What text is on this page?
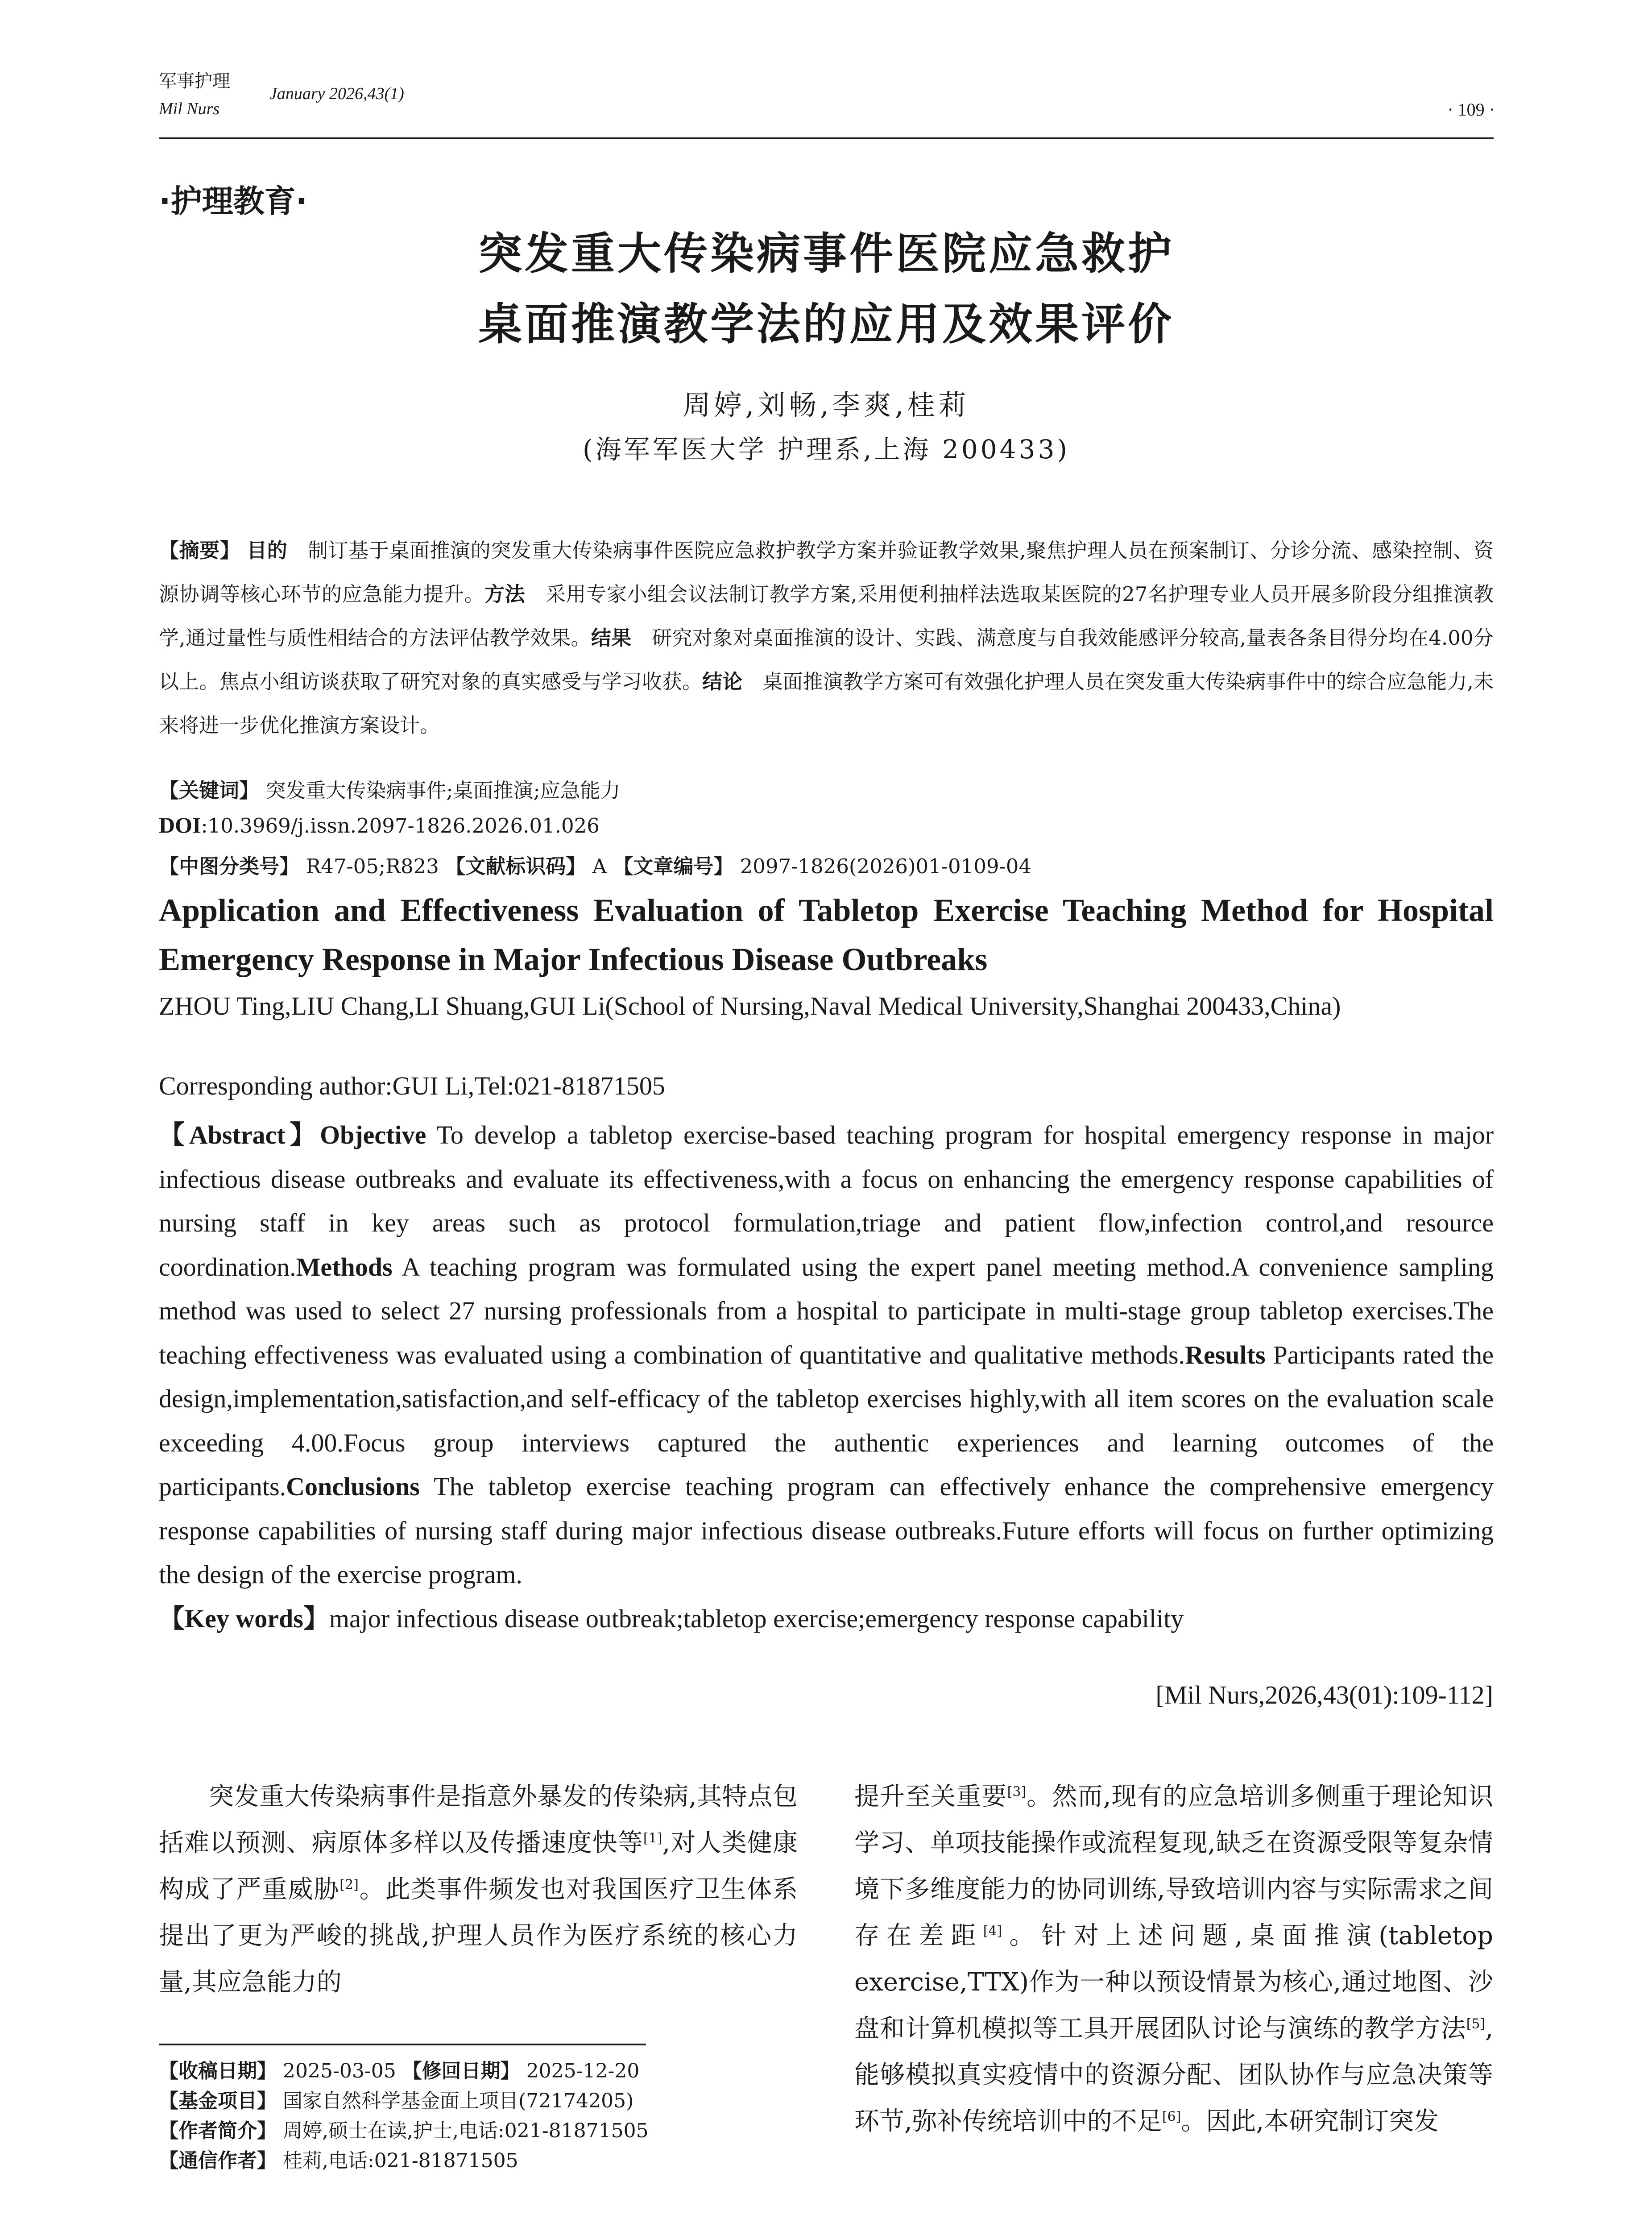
军事护理
Mil Nurs
January 2026,43(1)
· 109 ·
·护理教育·
突发重大传染病事件医院应急救护
桌面推演教学法的应用及效果评价
周婷,刘畅,李爽,桂莉
(海军军医大学 护理系,上海 200433)

【摘要】 目的　 制订基于桌面推演的突发重大传染病事件医院应急救护教学方案并验证教学效果,聚焦护理人员在预案制订、分诊分流、感染控制、资源协调等核心环节的应急能力提升。方法　 采用专家小组会议法制订教学方案,采用便利抽样法选取某医院的27名护理专业人员开展多阶段分组推演教学,通过量性与质性相结合的方法评估教学效果。结果　 研究对象对桌面推演的设计、实践、满意度与自我效能感评分较高,量表各条目得分均在4.00分以上。焦点小组访谈获取了研究对象的真实感受与学习收获。结论　 桌面推演教学方案可有效强化护理人员在突发重大传染病事件中的综合应急能力,未来将进一步优化推演方案设计。

【关键词】 突发重大传染病事件;桌面推演;应急能力
DOI:10.3969/j.issn.2097-1826.2026.01.026
【中图分类号】 R47-05;R823 【文献标识码】 A 【文章编号】 2097-1826(2026)01-0109-04
Application and Effectiveness Evaluation of Tabletop Exercise Teaching Method for Hospital Emergency Response in Major Infectious Disease Outbreaks
ZHOU Ting,LIU Chang,LI Shuang,GUI Li(School of Nursing,Naval Medical University,Shanghai 200433,China)
Corresponding author:GUI Li,Tel:021-81871505

【Abstract】Objective To develop a tabletop exercise-based teaching program for hospital emergency response in major infectious disease outbreaks and evaluate its effectiveness,with a focus on enhancing the emergency response capabilities of nursing staff in key areas such as protocol formulation,triage and patient flow,infection control,and resource coordination.Methods A teaching program was formulated using the expert panel meeting method.A convenience sampling method was used to select 27 nursing professionals from a hospital to participate in multi-stage group tabletop exercises.The teaching effectiveness was evaluated using a combination of quantitative and qualitative methods.Results Participants rated the design,implementation,satisfaction,and self-efficacy of the tabletop exercises highly,with all item scores on the evaluation scale exceeding 4.00.Focus group interviews captured the authentic experiences and learning outcomes of the participants.Conclusions The tabletop exercise teaching program can effectively enhance the comprehensive emergency response capabilities of nursing staff during major infectious disease outbreaks.Future efforts will focus on further optimizing the design of the exercise program.
【Key words】major infectious disease outbreak;tabletop exercise;emergency response capability

[Mil Nurs,2026,43(01):109-112]

突发重大传染病事件是指意外暴发的传染病,其特点包括难以预测、病原体多样以及传播速度快等[1],对人类健康构成了严重威胁[2]。此类事件频发也对我国医疗卫生体系提出了更为严峻的挑战,护理人员作为医疗系统的核心力量,其应急能力的

提升至关重要[3]。然而,现有的应急培训多侧重于理论知识学习、单项技能操作或流程复现,缺乏在资源受限等复杂情境下多维度能力的协同训练,导致培训内容与实际需求之间存在差距[4]。针对上述问题,桌面推演(tabletop exercise,TTX)作为一种以预设情景为核心,通过地图、沙盘和计算机模拟等工具开展团队讨论与演练的教学方法[5],能够模拟真实疫情中的资源分配、团队协作与应急决策等环节,弥补传统培训中的不足[6]。因此,本研究制订突发

【收稿日期】 2025-03-05 【修回日期】 2025-12-20
【基金项目】 国家自然科学基金面上项目(72174205)
【作者简介】 周婷,硕士在读,护士,电话:021-81871505
【通信作者】 桂莉,电话:021-81871505
